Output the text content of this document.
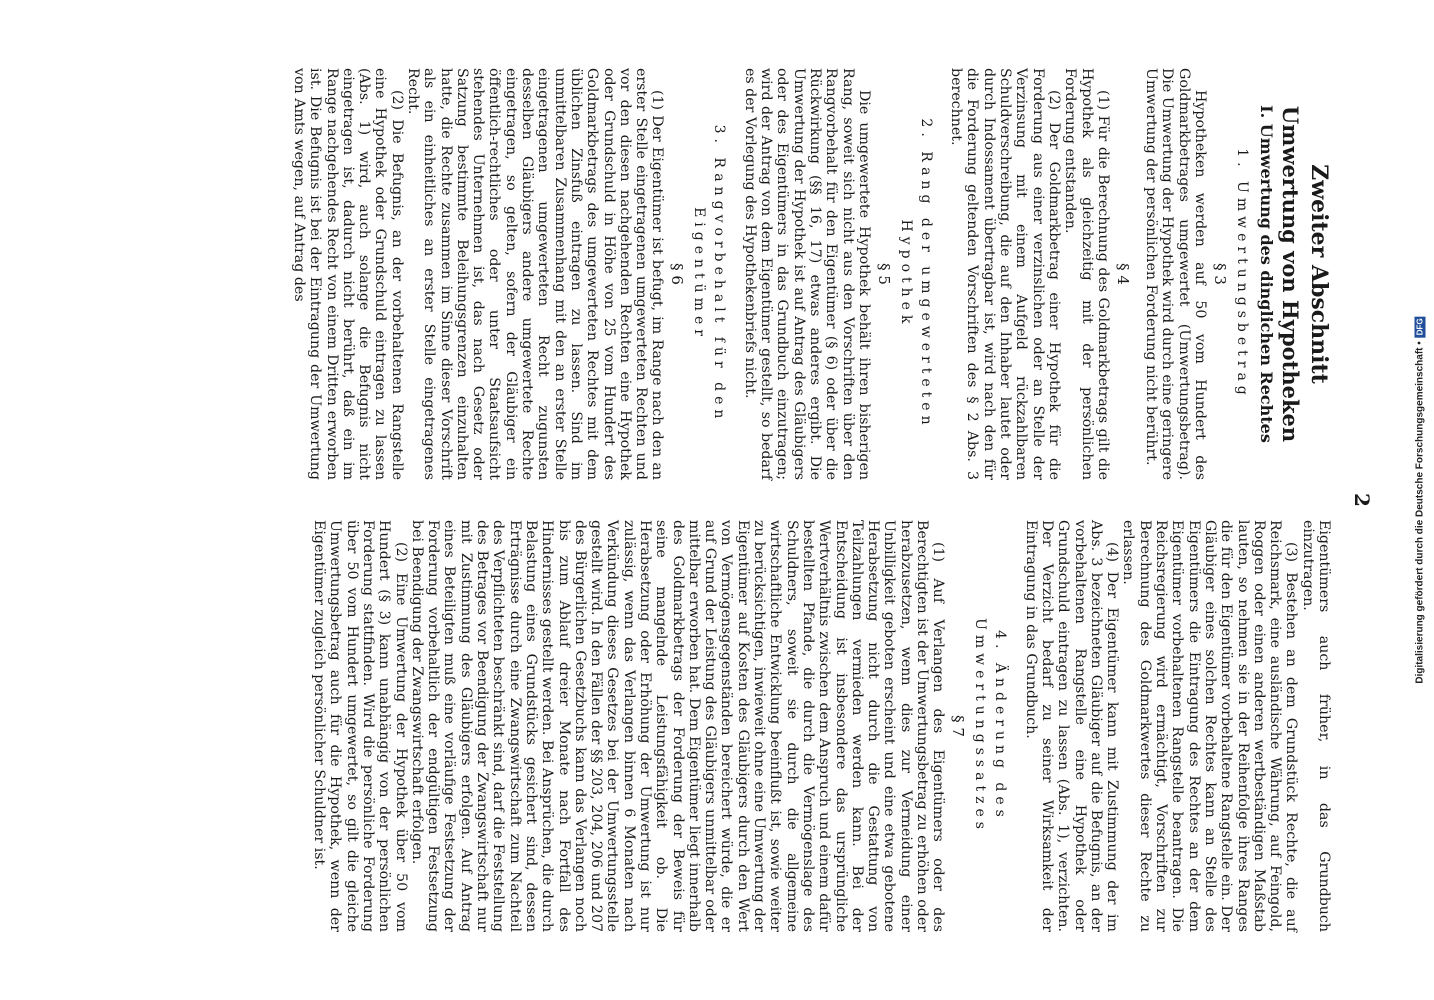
2
Zweiter Abschnitt
Umwertung von Hypotheken
I. Umwertung des dinglichen Rechtes
1. Umwertungsbetrag
§ 3

Hypotheken werden auf 50 vom Hundert des Goldmarkbetrages umgewertet (Umwertungsbetrag). Die Umwertung der Hypothek wird durch eine geringere Umwertung der persönlichen Forderung nicht berührt.

§ 4

(1) Für die Berechnung des Goldmarkbetrags gilt die Hypothek als gleichzeitig mit der persönlichen Forderung entstanden.

(2) Der Goldmarkbetrag einer Hypothek für die Forderung aus einer verzinslichen oder an Stelle der Verzinsung mit einem Aufgeld rückzahlbaren Schuldverschreibung, die auf den Inhaber lautet oder durch Indossament übertragbar ist, wird nach den für die Forderung geltenden Vorschriften des § 2 Abs. 3 berechnet.

2. Rang der umgewerteten Hypothek
§ 5

Die umgewertete Hypothek behält ihren bisherigen Rang, soweit sich nicht aus den Vorschriften über den Rangvorbehalt für den Eigentümer (§ 6) oder über die Rückwirkung (§§ 16, 17) etwas anderes ergibt. Die Umwertung der Hypothek ist auf Antrag des Gläubigers oder des Eigentümers in das Grundbuch einzutragen; wird der Antrag von dem Eigentümer gestellt, so bedarf es der Vorlegung des Hypothekenbriefs nicht.

3. Rangvorbehalt für den Eigentümer
§ 6

(1) Der Eigentümer ist befugt, im Range nach den an erster Stelle eingetragenen umgewerteten Rechten und vor den diesen nachgehenden Rechten eine Hypothek oder Grundschuld in Höhe von 25 vom Hundert des Goldmarkbetrags des umgewerteten Rechtes mit dem üblichen Zinsfuß eintragen zu lassen. Sind im unmittelbaren Zusammenhang mit den an erster Stelle eingetragenen umgewerteten Recht zugunsten desselben Gläubigers andere umgewertete Rechte eingetragen, so gelten, sofern der Gläubiger ein öffentlich-rechtliches oder unter Staatsaufsicht stehendes Unternehmen ist, das nach Gesetz oder Satzung bestimmte Beleihungsgrenzen einzuhalten hatte, die Rechte zusammen im Sinne dieser Vorschrift als ein einheitliches an erster Stelle eingetragenes Recht.

(2) Die Befugnis, an der vorbehaltenen Rangstelle eine Hypothek oder Grundschuld eintragen zu lassen (Abs. 1) wird, auch solange die Befugnis nicht eingetragen ist, dadurch nicht berührt, daß ein im Range nachgehendes Recht von einem Dritten erworben ist. Die Befugnis ist bei der Eintragung der Umwertung von Amts wegen, auf Antrag des

Eigentümers auch früher, in das Grundbuch einzutragen.

(3) Bestehen an dem Grundstück Rechte, die auf Reichsmark, eine ausländische Währung, auf Feingold, Roggen oder einen anderen wertbeständigen Maßstab lauten, so nehmen sie in der Reihenfolge ihres Ranges die für den Eigentümer vorbehaltene Rangstelle ein. Der Gläubiger eines solchen Rechtes kann an Stelle des Eigentümers die Eintragung des Rechtes an der dem Eigentümer vorbehaltenen Rangstelle beantragen. Die Reichsregierung wird ermächtigt, Vorschriften zur Berechnung des Goldmarkwertes dieser Rechte zu erlassen.

(4) Der Eigentümer kann mit Zustimmung der im Abs. 3 bezeichneten Gläubiger auf die Befugnis, an der vorbehaltenen Rangstelle eine Hypothek oder Grundschuld eintragen zu lassen (Abs. 1), verzichten. Der Verzicht bedarf zu seiner Wirksamkeit der Eintragung in das Grundbuch.

4. Änderung des Umwertungssatzes
§ 7

(1) Auf Verlangen des Eigentümers oder des Berechtigten ist der Umwertungsbetrag zu erhöhen oder herabzusetzen, wenn dies zur Vermeidung einer Unbilligkeit geboten erscheint und eine etwa gebotene Herabsetzung nicht durch die Gestattung von Teilzahlungen vermieden werden kann. Bei der Entscheidung ist insbesondere das ursprüngliche Wertverhältnis zwischen dem Anspruch und einem dafür bestellten Pfande, die durch die Vermögenslage des Schuldners, soweit sie durch die allgemeine wirtschaftliche Entwicklung beeinflußt ist, sowie weiter zu berücksichtigen, inwieweit ohne eine Umwertung der Eigentümer auf Kosten des Gläubigers durch den Wert von Vermögensgegenständen bereichert würde, die er auf Grund der Leistung des Gläubigers unmittelbar oder mittelbar erworben hat. Dem Eigentümer liegt innerhalb des Goldmarkbetrags der Forderung der Beweis für seine mangelnde Leistungsfähigkeit ob. Die Herabsetzung oder Erhöhung der Umwertung ist nur zulässig, wenn das Verlangen binnen 6 Monaten nach Verkündung dieses Gesetzes bei der Umwertungsstelle gestellt wird. In den Fällen der §§ 203, 204, 206 und 207 des Bürgerlichen Gesetzbuchs kann das Verlangen noch bis zum Ablauf dreier Monate nach Fortfall des Hindernisses gestellt werden. Bei Ansprüchen, die durch Belastung eines Grundstücks gesichert sind, dessen Erträgnisse durch eine Zwangswirtschaft zum Nachteil des Verpflichteten beschränkt sind, darf die Feststellung des Betrages vor Beendigung der Zwangswirtschaft nur mit Zustimmung des Gläubigers erfolgen. Auf Antrag eines Beteiligten muß eine vorläufige Festsetzung der Forderung vorbehaltlich der endgültigen Festsetzung bei Beendigung der Zwangswirtschaft erfolgen.

(2) Eine Umwertung der Hypothek über 50 vom Hundert (§ 3) kann unabhängig von der persönlichen Forderung stattfinden. Wird die persönliche Forderung über 50 vom Hundert umgewertet, so gilt die gleiche Umwertungsbetrag auch für die Hypothek, wenn der Eigentümer zugleich persönlicher Schuldner ist.

Digitalisierung gefördert durch die Deutsche Forschungsgemeinschaft •
DFG
